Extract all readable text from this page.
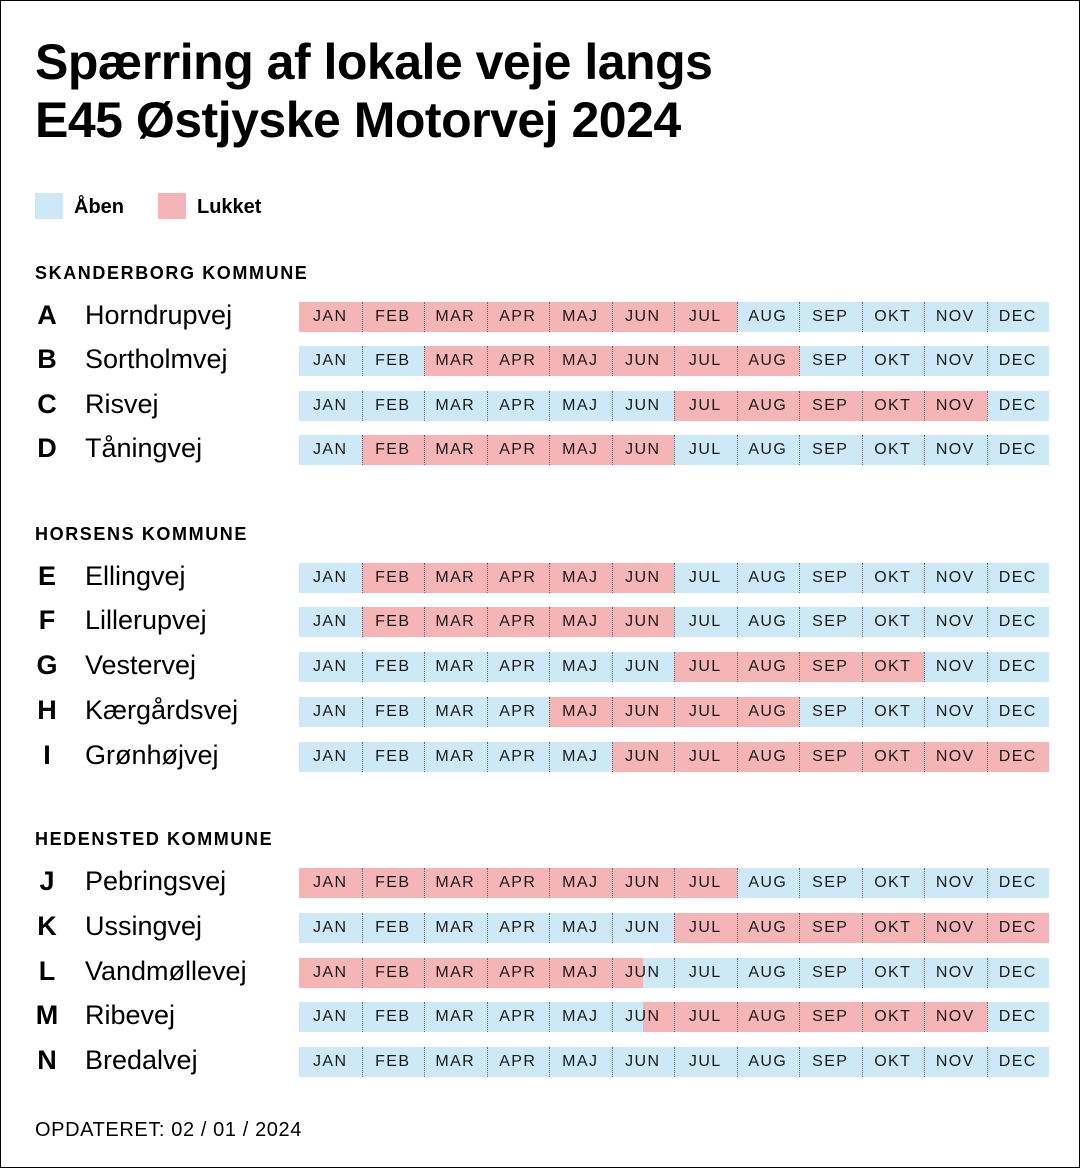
Spærring af lokale veje langs
E45 Østjyske Motorvej 2024
Åben	Lukket
SKANDERBORG KOMMUNE
A	Horndrupvej	JAN	FEB	MAR	APR	MAJ	JUN	JUL	AUG	SEP	OKT	NOV	DEC
B	Sortholmvej	JAN	FEB	MAR	APR	MAJ	JUN	JUL	AUG	SEP	OKT	NOV	DEC
C	Risvej	JAN	FEB	MAR	APR	MAJ	JUN	JUL	AUG	SEP	OKT	NOV	DEC
D	Tåningvej	JAN	FEB	MAR	APR	MAJ	JUN	JUL	AUG	SEP	OKT	NOV	DEC
HORSENS KOMMUNE
E	Ellingvej	JAN	FEB	MAR	APR	MAJ	JUN	JUL	AUG	SEP	OKT	NOV	DEC
F	Lillerupvej	JAN	FEB	MAR	APR	MAJ	JUN	JUL	AUG	SEP	OKT	NOV	DEC
G	Vestervej	JAN	FEB	MAR	APR	MAJ	JUN	JUL	AUG	SEP	OKT	NOV	DEC
H	Kærgårdsvej	JAN	FEB	MAR	APR	MAJ	JUN	JUL	AUG	SEP	OKT	NOV	DEC
I	Grønhøjvej	JAN	FEB	MAR	APR	MAJ	JUN	JUL	AUG	SEP	OKT	NOV	DEC
HEDENSTED KOMMUNE
J	Pebringsvej	JAN	FEB	MAR	APR	MAJ	JUN	JUL	AUG	SEP	OKT	NOV	DEC
K	Ussingvej	JAN	FEB	MAR	APR	MAJ	JUN	JUL	AUG	SEP	OKT	NOV	DEC
L	Vandmøllevej	JAN	FEB	MAR	APR	MAJ	JUN	JUL	AUG	SEP	OKT	NOV	DEC
M Ribevej	JAN	FEB	MAR	APR	MAJ	JUN	JUL	AUG	SEP	OKT	NOV	DEC
N	Bredalvej	JAN	FEB	MAR	APR	MAJ	JUN	JUL	AUG	SEP	OKT	NOV	DEC
OPDATERET: 02 / 01 / 2024
